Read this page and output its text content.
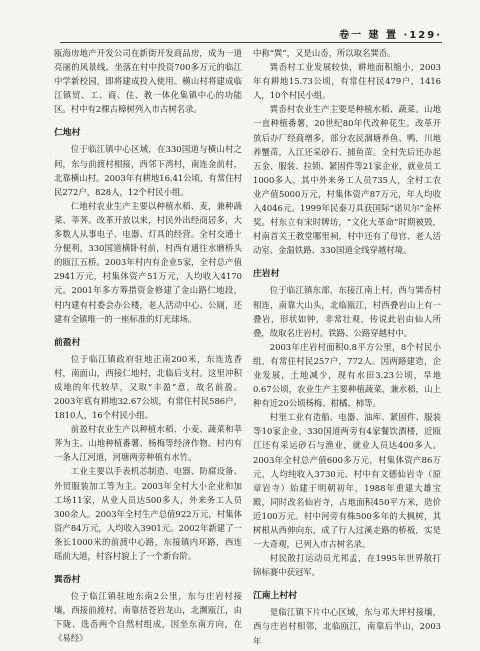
卷一 建 置 ·129·

瓯海房地产开发公司在新街开发商品房，成为一道亮丽的风景线。坐落在村中投资700多万元的临江中学新校园，即将建成投入使用。横山村将建成临江镇贸、工、商、住、教一体化集镇中心的功能区。村中有2棵古樟树列入市古树名录。

仁地村

位于临江镇中心区域，在330国道与横山村之间，东与前渡村相接，西邻下湾村，南连金前村，北靠横山村。2003年有耕地16.41公顷，有常住村民272户，828人，12个村民小组。

仁地村农业生产主要以种植水稻、麦，兼种蔬菜、莘荠。改革开放以来，村民外出经商居多，大多数人从事电子、电器、灯具的经营。全村交通十分便利，330国道横卧村前，村西有通往水磨桥头的瓯江五桥。2003年村内有企业5家，全村总产值2941万元，村集体资产51万元，人均收入4170元。2001年多方筹措资金修建了金山路仁地段，村内建有村委会办公楼，老人活动中心、公厕，还建有全镇唯一的一座标准的灯光球场。

前盈村

位于临江镇政府驻地正南200米，东连选香村，南面山，西接仁地村，北临后支村。这里冲积成地的年代较早，又取“丰盈”意，故名前盈。2003年底有耕地32.67公顷，有常住村民586户，1810人，16个村民小组。

前盈村农业生产以种植水稻、小麦、蔬菜和莘荠为主。山地种植番薯、杨梅等经济作物。村内有一条人江河道，河塘两旁种植有水竹。

工业主要以手表机芯制造、电器、防腐设备、外贸服装加工等为主。2003年全村大小企业和加工场11家，从业人员达500多人，外来务工人员300余人。2003年全村生产总值922万元，村集体资产84万元，人均收入3901元。2002年新建了一条长1000米的前渡中心路，东接镇内环路，西连瑶前大道，村容村貌上了一个新台阶。

巽岙村

位于临江镇驻地东南2公里，东与庄岩村接壤，西接前渡村，南靠括苍岩龙山，北濒瓯江，由下陇、选岙两个自然村组成，因坐东南方向，在《易经》

中称“巽”，又是山岙，所以取名巽岙。

巽岙村工业发展较快，耕地面积缩小，2003年有耕地15.73公顷，有常住村民479户，1416人，10个村民小组。

巽岙村农业生产主要是种植水稻、蔬菜。山地一直种植番薯，20世纪80年代改种花生。改革开放后办厂经商增多，部分农民涸塘养鱼、鸭，川地养蟹苗，入江还采砂石、捕鱼苗。全村先后还办起五金、服装、拉锁、紧固件等21家企业，就业员工1000多人，其中外来务工人员735人，全村工农业产值5000万元，村集体资产87万元，年人均收入4046元。1999年民泰刀具获国际“诺贝尔”金杯奖。村东立有宋时牌坊，“文化大革命”时期被毁，村南首关王教堂哪里祠，村中还有了母官、老人活动室、金温铁路、330国道全线穿越村境。

庄岩村

位于临江镇东部，东接江南上村，西与巽岙村相连，南靠大山头，北临瓯江，村西叠岩山上有一叠岩，形状如钟，非常壮观，传说此岩由仙人所叠，故取名庄岩村。铁路、公路穿越村中。

2003年庄岩村面积0.8平方公里，8个村民小组，有常住村民257户，772人。因两路建造，企业发展，土地减少，现有水田3.23公顷，旱地0.67公顷，农业生产主要种植蔬菜，兼水稻，山上种有近20公顷杨梅、柑橘、柿等。

村里工业有造船、电器、油库、紧固件、服装等10家企业，330国道两旁有4家餐饮酒楼，近瓯江还有采运砂石与渔业，就业人员达400多人。2003年全村总产值600多万元，村集体资产86万元，人均纯收入3730元。村中有文德仙岩寺（原章岩寺）始建于明朝初年，1988年重建大雄宝殿，同时改名仙岩寺，占地面积450平方米，造价近100万元。村中河旁有株500多年的大枫树，其树根从西伸向东，成了行人过溪走路的桥板，实是一大奇观，已列入市古树名录。

村民散打运动员尤邦孟，在1995年世界散打锦标赛中获冠军。

江南上村村

是临江镇下片中心区域，东与邓大坪村接壤，西与庄岩村相邻，北临瓯江，南靠后半山，2003年
